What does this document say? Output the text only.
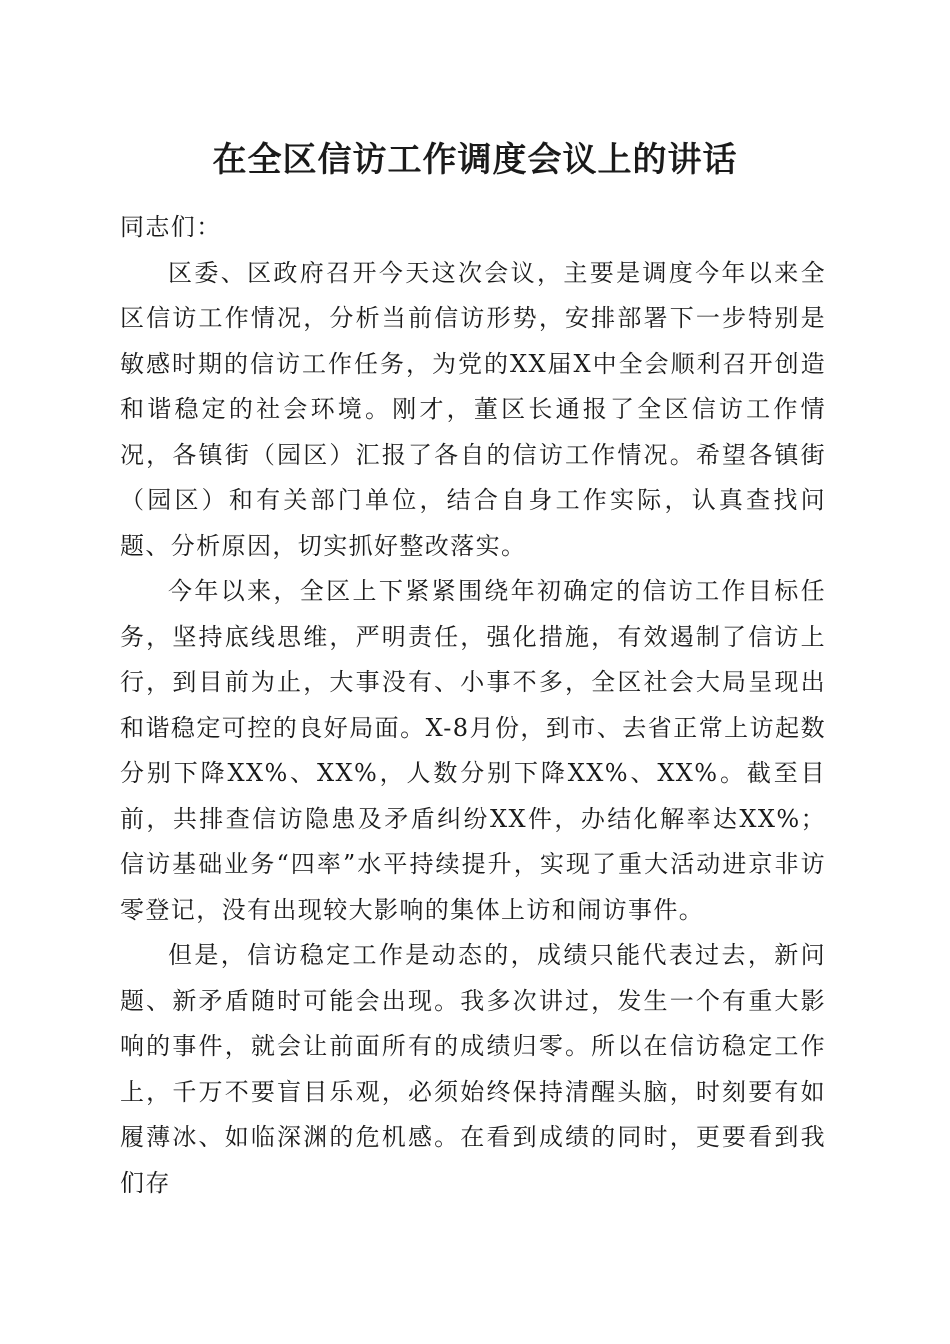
在全区信访工作调度会议上的讲话

同志们：

区委、区政府召开今天这次会议，主要是调度今年以来全区信访工作情况，分析当前信访形势，安排部署下一步特别是敏感时期的信访工作任务，为党的XX届X中全会顺利召开创造和谐稳定的社会环境。刚才，董区长通报了全区信访工作情况，各镇街（园区）汇报了各自的信访工作情况。希望各镇街（园区）和有关部门单位，结合自身工作实际，认真查找问题、分析原因，切实抓好整改落实。

今年以来，全区上下紧紧围绕年初确定的信访工作目标任务，坚持底线思维，严明责任，强化措施，有效遏制了信访上行，到目前为止，大事没有、小事不多，全区社会大局呈现出和谐稳定可控的良好局面。X-8月份，到市、去省正常上访起数分别下降XX%、XX%，人数分别下降XX%、XX%。截至目前，共排查信访隐患及矛盾纠纷XX件，办结化解率达XX%；信访基础业务“四率”水平持续提升，实现了重大活动进京非访零登记，没有出现较大影响的集体上访和闹访事件。

但是，信访稳定工作是动态的，成绩只能代表过去，新问题、新矛盾随时可能会出现。我多次讲过，发生一个有重大影响的事件，就会让前面所有的成绩归零。所以在信访稳定工作上，千万不要盲目乐观，必须始终保持清醒头脑，时刻要有如履薄冰、如临深渊的危机感。在看到成绩的同时，更要看到我们存
